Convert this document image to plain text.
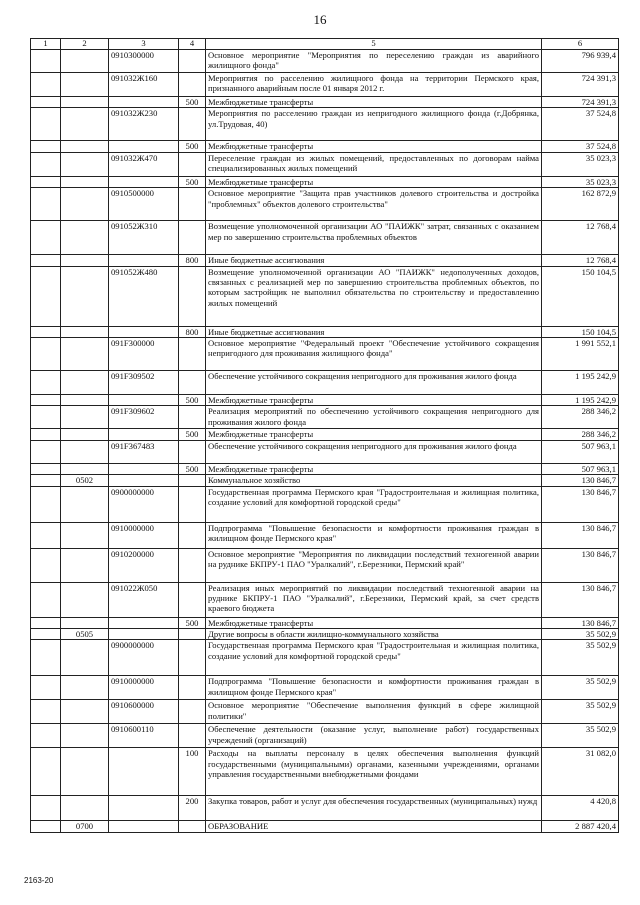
16
1	2	3	4	5	6
		0910300000		Основное мероприятие "Мероприятия по переселению граждан из аварийного жилищного фонда"	796 939,4
		091032Ж160		Мероприятия по расселению жилищного фонда на территории Пермского края, признанного аварийным после 01 января 2012 г.	724 391,3
			500	Межбюджетные трансферты	724 391,3
		091032Ж230		Мероприятия по расселению граждан из непригодного жилищного фонда (г.Добрянка, ул.Трудовая, 40)	37 524,8
			500	Межбюджетные трансферты	37 524,8
		091032Ж470		Переселение граждан из жилых помещений, предоставленных по договорам найма специализированных жилых помещений	35 023,3
			500	Межбюджетные трансферты	35 023,3
		0910500000		Основное мероприятие "Защита прав участников долевого строительства и достройка "проблемных" объектов долевого строительства"	162 872,9
		091052Ж310		Возмещение уполномоченной организации АО "ПАИЖК" затрат, связанных с оказанием мер по завершению строительства проблемных объектов	12 768,4
			800	Иные бюджетные ассигнования	12 768,4
		091052Ж480		Возмещение уполномоченной организации АО "ПАИЖК" недополученных доходов, связанных с реализацией мер по завершению строительства проблемных объектов, по которым застройщик не выполнил обязательства по строительству и предоставлению жилых помещений	150 104,5
			800	Иные бюджетные ассигнования	150 104,5
		091F300000		Основное мероприятие "Федеральный проект "Обеспечение устойчивого сокращения непригодного для проживания жилищного фонда"	1 991 552,1
		091F309502		Обеспечение устойчивого сокращения непригодного для проживания жилого фонда	1 195 242,9
			500	Межбюджетные трансферты	1 195 242,9
		091F309602		Реализация мероприятий по обеспечению устойчивого сокращения непригодного для проживания жилого фонда	288 346,2
			500	Межбюджетные трансферты	288 346,2
		091F367483		Обеспечение устойчивого сокращения непригодного для проживания жилого фонда	507 963,1
			500	Межбюджетные трансферты	507 963,1
	0502			Коммунальное хозяйство	130 846,7
		0900000000		Государственная программа Пермского края "Градостроительная и жилищная политика, создание условий для комфортной городской среды"	130 846,7
		0910000000		Подпрограмма "Повышение безопасности и комфортности проживания граждан в жилищном фонде Пермского края"	130 846,7
		0910200000		Основное мероприятие "Мероприятия по ликвидации последствий техногенной аварии на руднике БКПРУ-1 ПАО "Уралкалий", г.Березники, Пермский край"	130 846,7
		091022Ж050		Реализация иных мероприятий по ликвидации последствий техногенной аварии на руднике БКПРУ-1 ПАО "Уралкалий", г.Березники, Пермский край, за счет средств краевого бюджета	130 846,7
			500	Межбюджетные трансферты	130 846,7
	0505			Другие вопросы в области жилищно-коммунального хозяйства	35 502,9
		0900000000		Государственная программа Пермского края "Градостроительная и жилищная политика, создание условий для комфортной городской среды"	35 502,9
		0910000000		Подпрограмма "Повышение безопасности и комфортности проживания граждан в жилищном фонде Пермского края"	35 502,9
		0910600000		Основное мероприятие "Обеспечение выполнения функций в сфере жилищной политики"	35 502,9
		0910600110		Обеспечение деятельности (оказание услуг, выполнение работ) государственных учреждений (организаций)	35 502,9
			100	Расходы на выплаты персоналу в целях обеспечения выполнения функций государственными (муниципальными) органами, казенными учреждениями, органами управления государственными внебюджетными фондами	31 082,0
			200	Закупка товаров, работ и услуг для обеспечения государственных (муниципальных) нужд	4 420,8
	0700			ОБРАЗОВАНИЕ	2 887 420,4
2163-20
